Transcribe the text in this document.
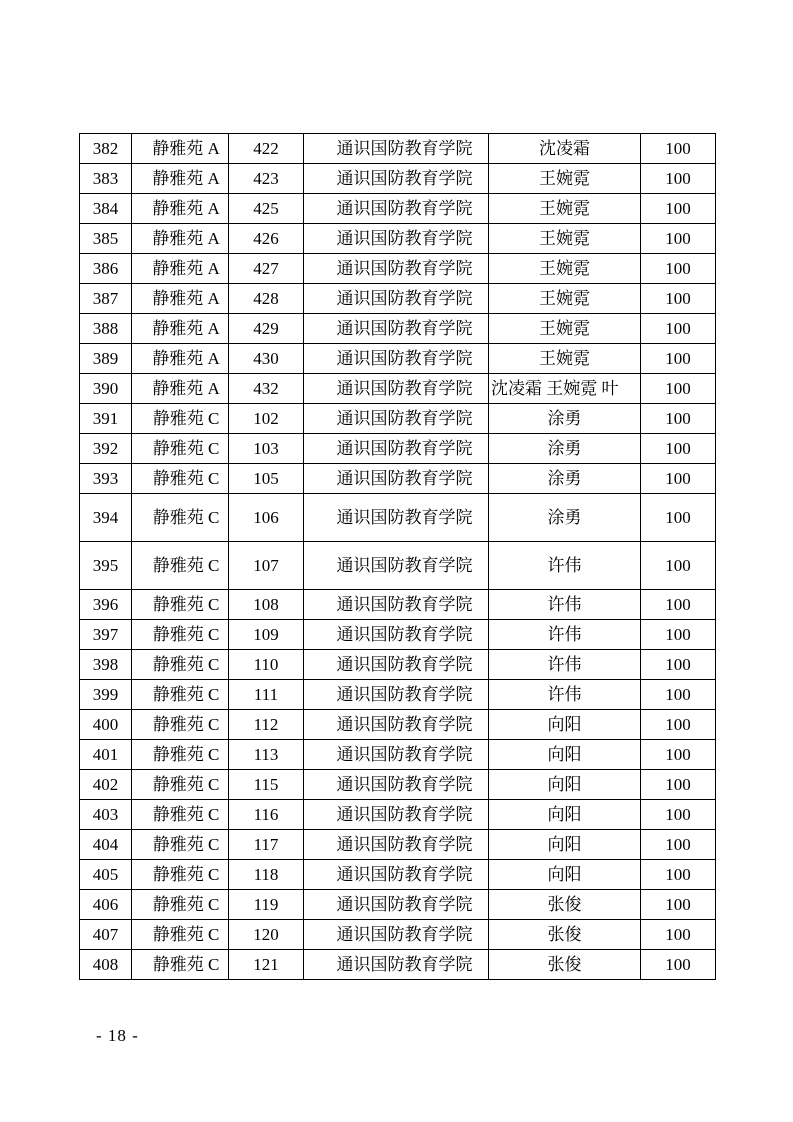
382	静雅苑 A	422	通识国防教育学院	沈凌霜	100
383	静雅苑 A	423	通识国防教育学院	王婉霓	100
384	静雅苑 A	425	通识国防教育学院	王婉霓	100
385	静雅苑 A	426	通识国防教育学院	王婉霓	100
386	静雅苑 A	427	通识国防教育学院	王婉霓	100
387	静雅苑 A	428	通识国防教育学院	王婉霓	100
388	静雅苑 A	429	通识国防教育学院	王婉霓	100
389	静雅苑 A	430	通识国防教育学院	王婉霓	100
390	静雅苑 A	432	通识国防教育学院	沈凌霜 王婉霓 叶	100
391	静雅苑 C	102	通识国防教育学院	涂勇	100
392	静雅苑 C	103	通识国防教育学院	涂勇	100
393	静雅苑 C	105	通识国防教育学院	涂勇	100
394	静雅苑 C	106	通识国防教育学院	涂勇	100
395	静雅苑 C	107	通识国防教育学院	许伟	100
396	静雅苑 C	108	通识国防教育学院	许伟	100
397	静雅苑 C	109	通识国防教育学院	许伟	100
398	静雅苑 C	110	通识国防教育学院	许伟	100
399	静雅苑 C	111	通识国防教育学院	许伟	100
400	静雅苑 C	112	通识国防教育学院	向阳	100
401	静雅苑 C	113	通识国防教育学院	向阳	100
402	静雅苑 C	115	通识国防教育学院	向阳	100
403	静雅苑 C	116	通识国防教育学院	向阳	100
404	静雅苑 C	117	通识国防教育学院	向阳	100
405	静雅苑 C	118	通识国防教育学院	向阳	100
406	静雅苑 C	119	通识国防教育学院	张俊	100
407	静雅苑 C	120	通识国防教育学院	张俊	100
408	静雅苑 C	121	通识国防教育学院	张俊	100
- 18 -
